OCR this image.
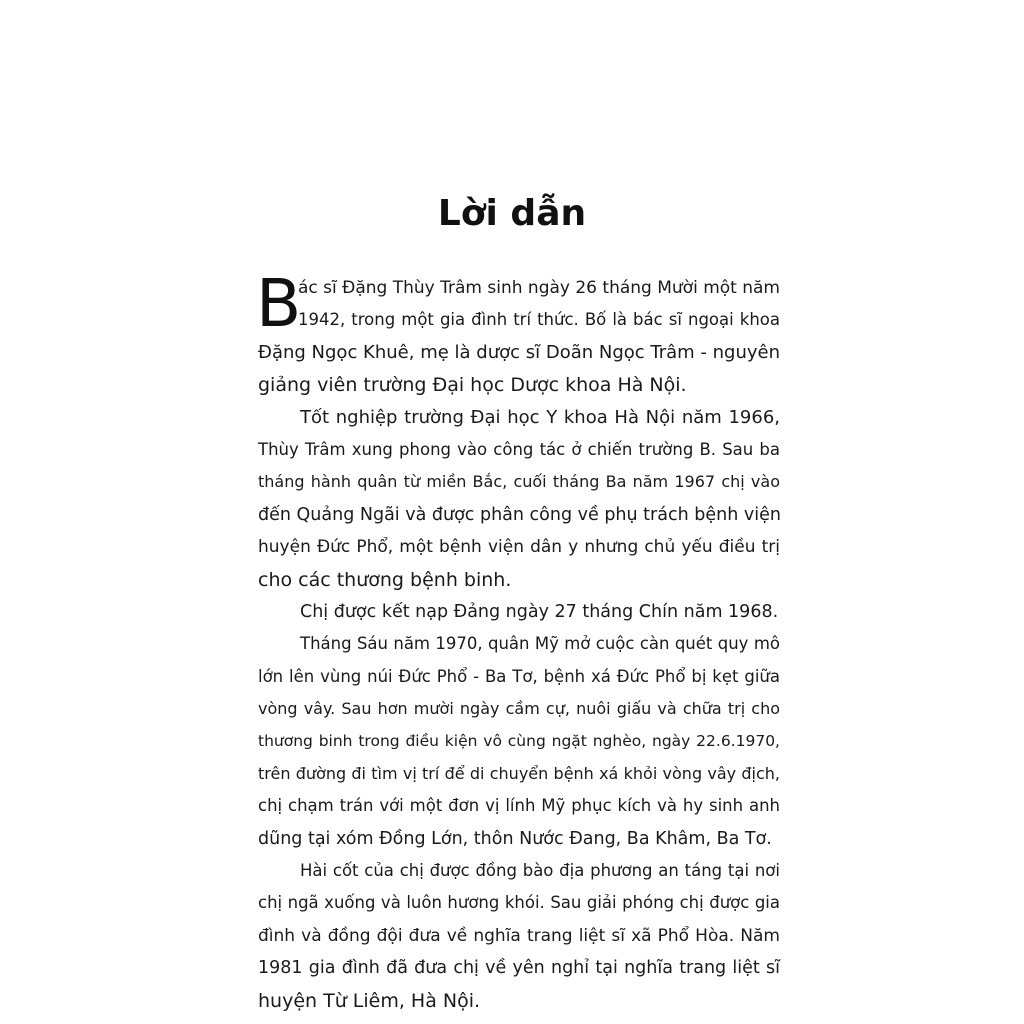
Lời dẫn
B
ác sĩ Đặng Thùy Trâm sinh ngày 26 tháng Mười một năm
1942, trong một gia đình trí thức. Bố là bác sĩ ngoại khoa
Đặng Ngọc Khuê, mẹ là dược sĩ Doãn Ngọc Trâm - nguyên
giảng viên trường Đại học Dược khoa Hà Nội.
Tốt nghiệp trường Đại học Y khoa Hà Nội năm 1966,
Thùy Trâm xung phong vào công tác ở chiến trường B. Sau ba
tháng hành quân từ miền Bắc, cuối tháng Ba năm 1967 chị vào
đến Quảng Ngãi và được phân công về phụ trách bệnh viện
huyện Đức Phổ, một bệnh viện dân y nhưng chủ yếu điều trị
cho các thương bệnh binh.
Chị được kết nạp Đảng ngày 27 tháng Chín năm 1968.
Tháng Sáu năm 1970, quân Mỹ mở cuộc càn quét quy mô
lớn lên vùng núi Đức Phổ - Ba Tơ, bệnh xá Đức Phổ bị kẹt giữa
vòng vây. Sau hơn mười ngày cầm cự, nuôi giấu và chữa trị cho
thương binh trong điều kiện vô cùng ngặt nghèo, ngày 22.6.1970,
trên đường đi tìm vị trí để di chuyển bệnh xá khỏi vòng vây địch,
chị chạm trán với một đơn vị lính Mỹ phục kích và hy sinh anh
dũng tại xóm Đồng Lớn, thôn Nước Đang, Ba Khâm, Ba Tơ.
Hài cốt của chị được đồng bào địa phương an táng tại nơi
chị ngã xuống và luôn hương khói. Sau giải phóng chị được gia
đình và đồng đội đưa về nghĩa trang liệt sĩ xã Phổ Hòa. Năm
1981 gia đình đã đưa chị về yên nghỉ tại nghĩa trang liệt sĩ
huyện Từ Liêm, Hà Nội.
